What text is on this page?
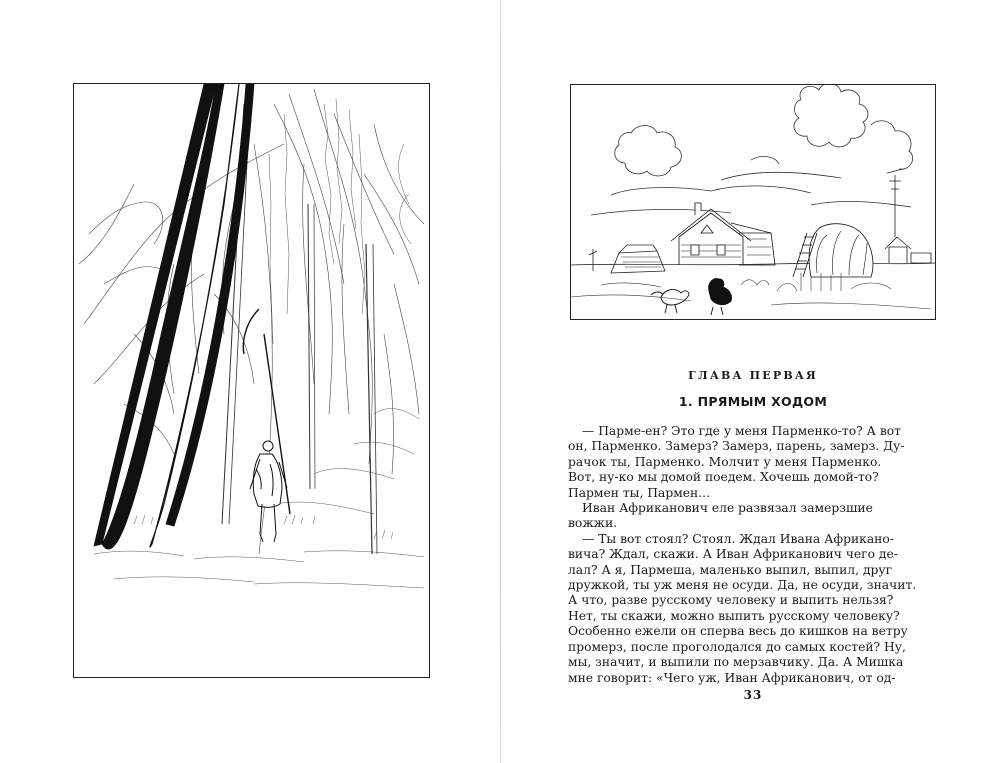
ГЛАВА ПЕРВАЯ
1. ПРЯМЫМ ХОДОМ
— Парме-ен? Это где у меня Парменко-то? А вот
он, Парменко. Замерз? Замерз, парень, замерз. Ду-
рачок ты, Парменко. Молчит у меня Парменко.
Вот, ну-ко мы домой поедем. Хочешь домой-то?
Пармен ты, Пармен...
Иван Африканович еле развязал замерзшие
вожжи.
— Ты вот стоял? Стоял. Ждал Ивана Африкано-
вича? Ждал, скажи. А Иван Африканович чего де-
лал? А я, Пармеша, маленько выпил, выпил, друг
дружкой, ты уж меня не осуди. Да, не осуди, значит.
А что, разве русскому человеку и выпить нельзя?
Нет, ты скажи, можно выпить русскому человеку?
Особенно ежели он сперва весь до кишков на ветру
промерз, после проголодался до самых костей? Ну,
мы, значит, и выпили по мерзавчику. Да. А Мишка
мне говорит: «Чего уж, Иван Африканович, от од-
33
